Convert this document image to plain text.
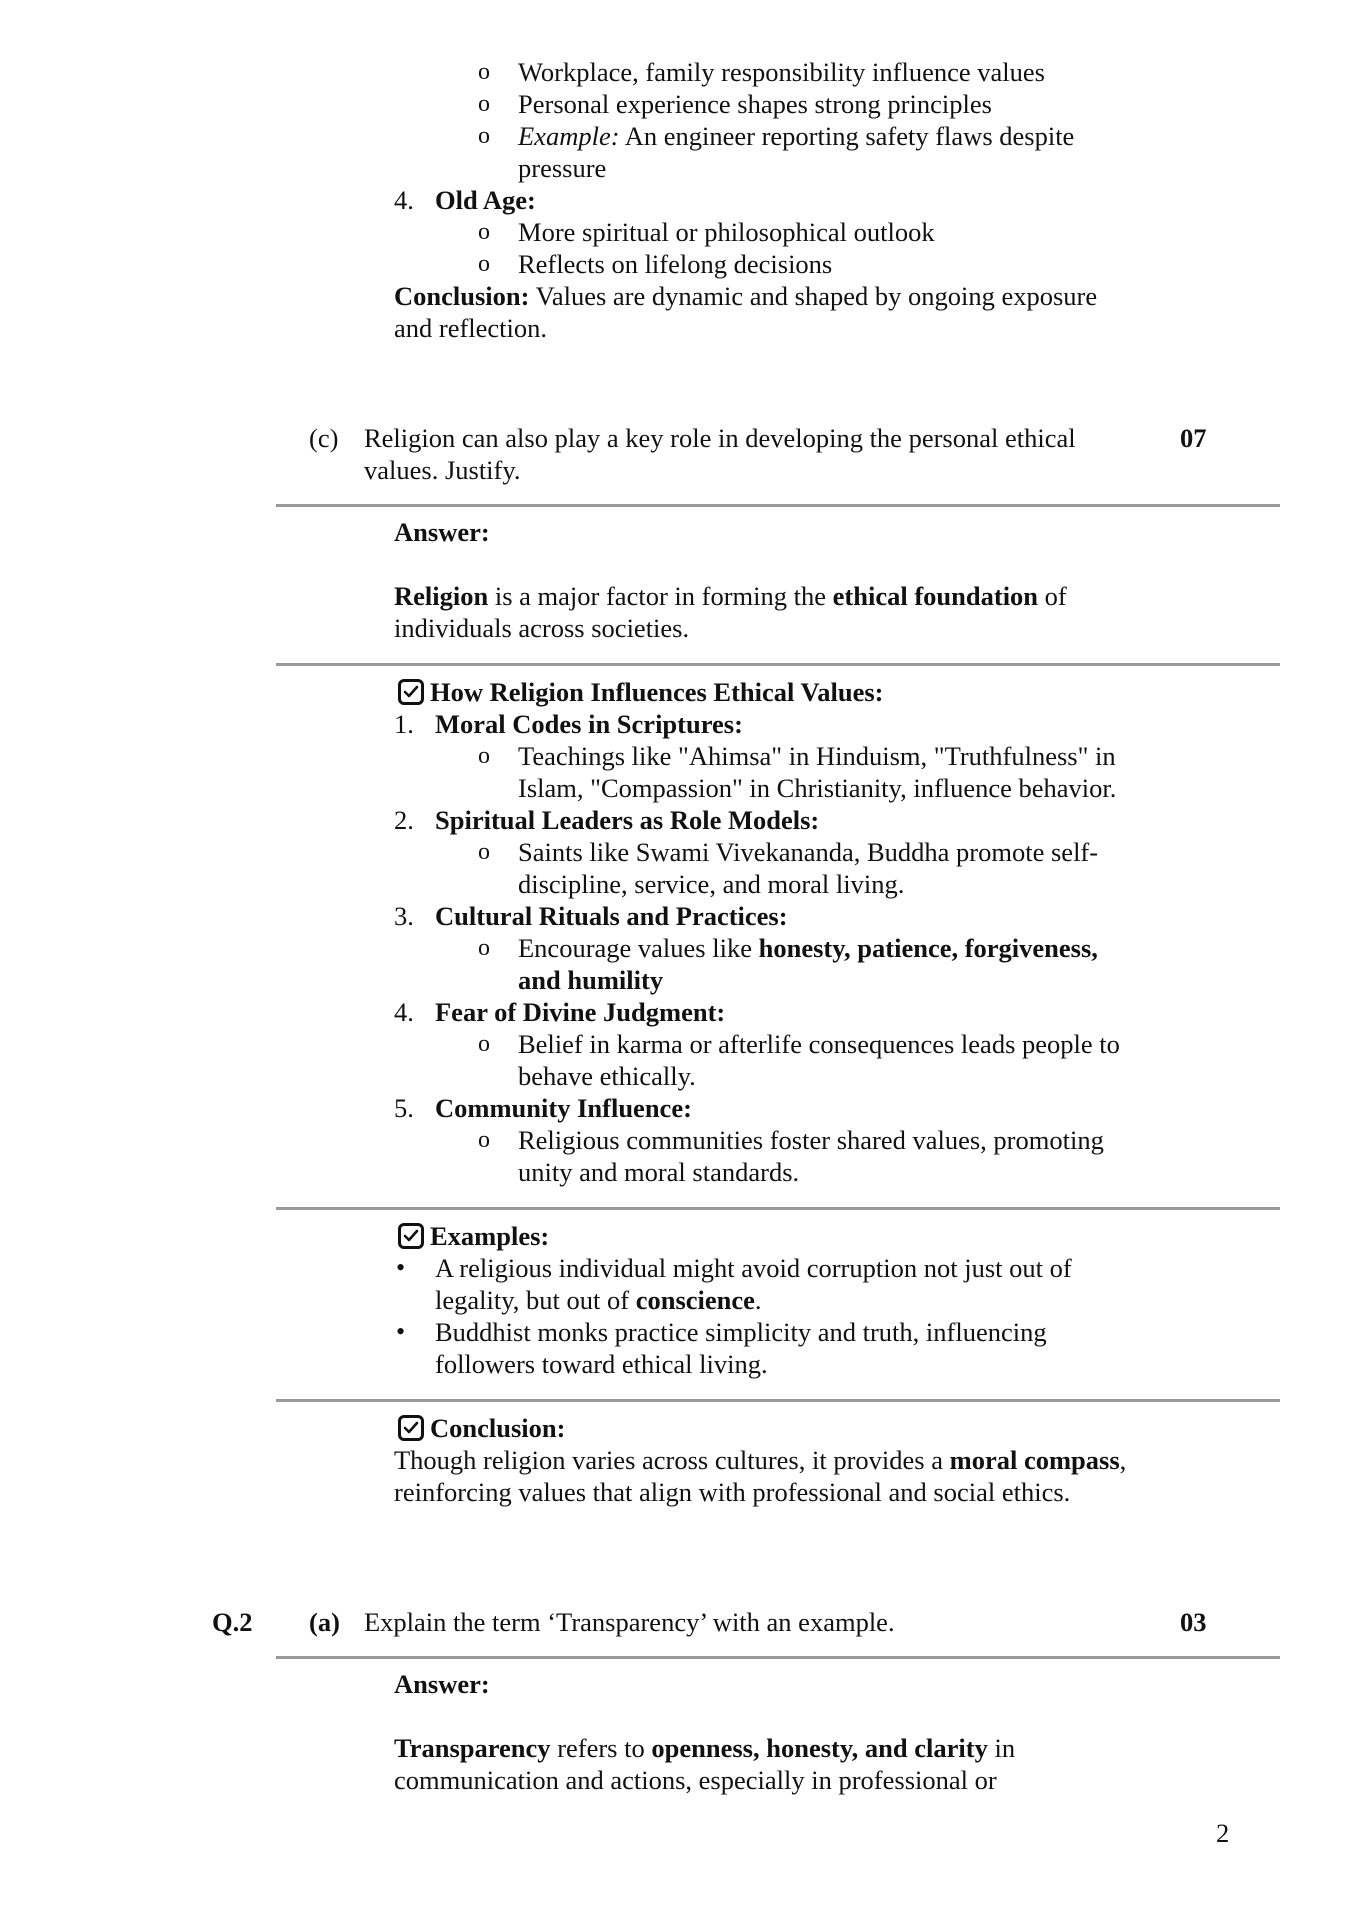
o Workplace, family responsibility influence values
o Personal experience shapes strong principles
o Example: An engineer reporting safety flaws despite
pressure
4. Old Age:
o More spiritual or philosophical outlook
o Reflects on lifelong decisions
Conclusion: Values are dynamic and shaped by ongoing exposure
and reflection.
(c) Religion can also play a key role in developing the personal ethical
values. Justify.
07
Answer:
Religion is a major factor in forming the ethical foundation of
individuals across societies.
How Religion Influences Ethical Values:
1. Moral Codes in Scriptures:
o Teachings like "Ahimsa" in Hinduism, "Truthfulness" in
Islam, "Compassion" in Christianity, influence behavior.
2. Spiritual Leaders as Role Models:
o Saints like Swami Vivekananda, Buddha promote self-
discipline, service, and moral living.
3. Cultural Rituals and Practices:
o Encourage values like honesty, patience, forgiveness,
and humility
4. Fear of Divine Judgment:
o Belief in karma or afterlife consequences leads people to
behave ethically.
5. Community Influence:
o Religious communities foster shared values, promoting
unity and moral standards.
Examples:
• A religious individual might avoid corruption not just out of
legality, but out of conscience.
• Buddhist monks practice simplicity and truth, influencing
followers toward ethical living.
Conclusion:
Though religion varies across cultures, it provides a moral compass,
reinforcing values that align with professional and social ethics.
Q.2 (a) Explain the term ‘Transparency’ with an example.	03
Answer:
Transparency refers to openness, honesty, and clarity in
communication and actions, especially in professional or
2
